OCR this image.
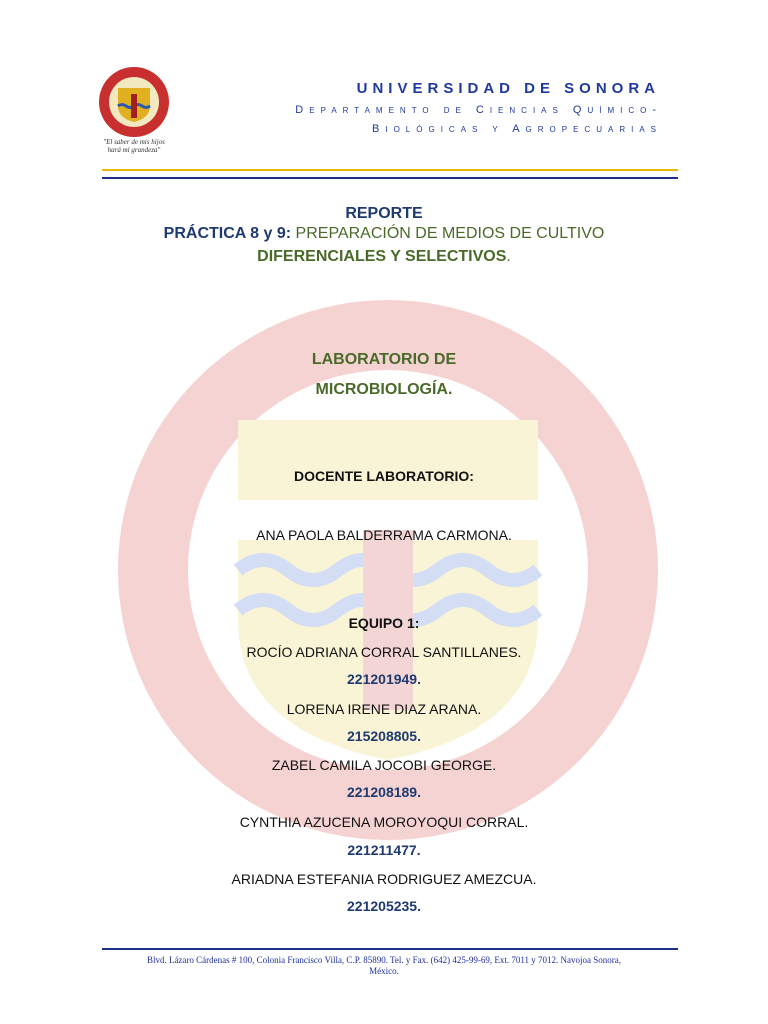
"El saber de mis hijos
hará mi grandeza"
UNIVERSIDAD DE SONORA
Departamento de Ciencias Químico-
Biológicas y Agropecuarias
REPORTE
PRÁCTICA 8 y 9: PREPARACIÓN DE MEDIOS DE CULTIVO
DIFERENCIALES Y SELECTIVOS.
LABORATORIO DE
MICROBIOLOGÍA.
DOCENTE LABORATORIO:
ANA PAOLA BALDERRAMA CARMONA.
EQUIPO 1:
ROCÍO ADRIANA CORRAL SANTILLANES.
221201949.
LORENA IRENE DIAZ ARANA.
215208805.
ZABEL CAMILA JOCOBI GEORGE.
221208189.
CYNTHIA AZUCENA MOROYOQUI CORRAL.
221211477.
ARIADNA ESTEFANIA RODRIGUEZ AMEZCUA.
221205235.
Blvd. Lázaro Cárdenas # 100, Colonia Francisco Villa, C.P. 85890. Tel. y Fax. (642) 425-99-69, Ext. 7011 y 7012. Navojoa Sonora,
México.
